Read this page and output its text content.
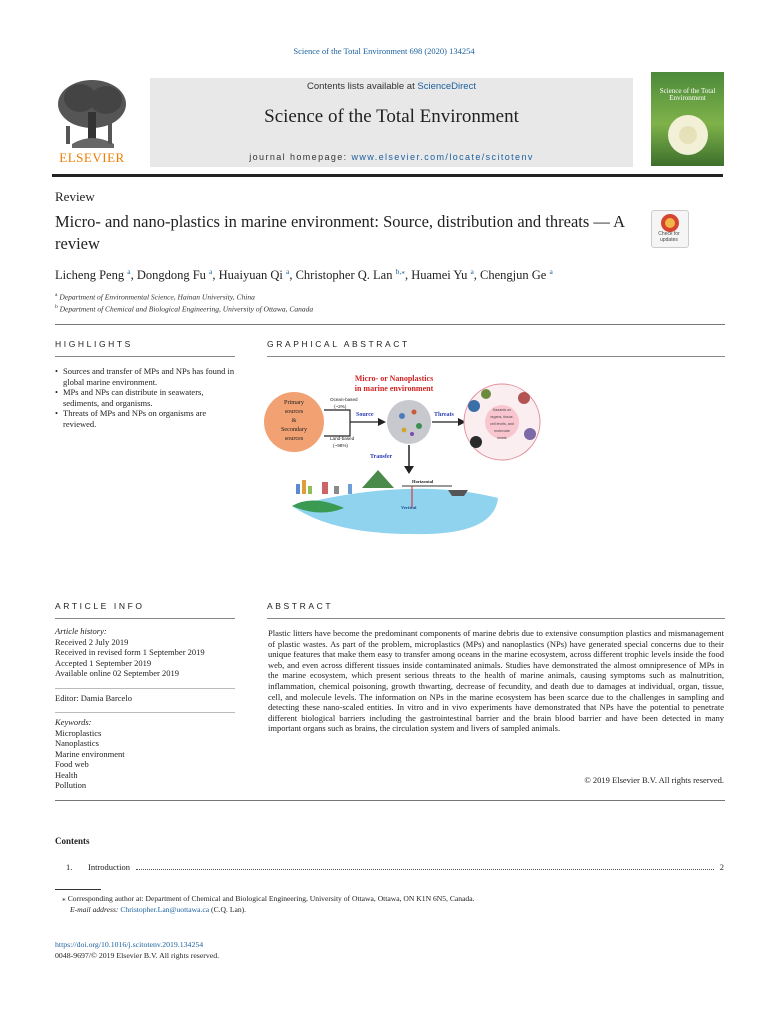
Science of the Total Environment 698 (2020) 134254
Contents lists available at ScienceDirect
Science of the Total Environment
journal homepage: www.elsevier.com/locate/scitotenv
ELSEVIER
Science of the Total Environment
Review
Micro- and nano-plastics in marine environment: Source, distribution and threats — A review	Check for updates
Licheng Peng $^a$, Dongdong Fu $^a$, Huaiyuan Qi $^a$, Christopher Q. Lan $^{b,⁎}$, Huamei Yu $^a$, Chengjun Ge $^a$
$^a$ Department of Environmental Science, Hainan University, China
$^b$ Department of Chemical and Biological Engineering, University of Ottawa, Canada
HIGHLIGHTS	GRAPHICAL ABSTRACT
• Sources and transfer of MPs and NPs has found in global marine environment.
• MPs and NPs can distribute in seawaters, sediments, and organisms.
• Threats of MPs and NPs on organisms are reviewed.
Micro- or Nanoplastics
in marine environment
Primary
sources
&
Secondary
sources
Ocean-based
(~2%)
Land-based
(~98%)
Source	Threats
Hazards on
organs, tissue,
cell levels, and
molecular
levels
Transfer
Horizontal
Vertical
ARTICLE INFO	ABSTRACT
Article history:
Received 2 July 2019
Received in revised form 1 September 2019
Accepted 1 September 2019
Available online 02 September 2019
Editor: Damia Barcelo
Keywords:
Microplastics
Nanoplastics
Marine environment
Food web
Health
Pollution
Plastic litters have become the predominant components of marine debris due to extensive consumption plastics and mismanagement of plastic wastes. As part of the problem, microplastics (MPs) and nanoplastics (NPs) have generated special concerns due to their unique features that make them easy to transfer among oceans in the marine ecosystem, across different trophic levels inside the food web, and even across different tissues inside contaminated animals. Studies have demonstrated the almost omnipresence of MPs in the marine ecosystem, which present serious threats to the health of marine animals, causing symptoms such as malnutrition, inflammation, chemical poisoning, growth thwarting, decrease of fecundity, and death due to damages at individual, organ, tissue, cell, and molecule levels. The information on NPs in the marine ecosystem has been scarce due to the challenges in sampling and detecting these nano-scaled entities. In vitro and in vivo experiments have demonstrated that NPs have the potential to penetrate different biological barriers including the gastrointestinal barrier and the brain blood barrier and have been detected in many important organs such as brains, the circulation system and livers of sampled animals.
© 2019 Elsevier B.V. All rights reserved.
Contents
1.	Introduction	2
⁎ Corresponding author at: Department of Chemical and Biological Engineering, University of Ottawa, Ottawa, ON K1N 6N5, Canada.
E-mail address: Christopher.Lan@uottawa.ca (C.Q. Lan).
https://doi.org/10.1016/j.scitotenv.2019.134254
0048-9697/© 2019 Elsevier B.V. All rights reserved.
